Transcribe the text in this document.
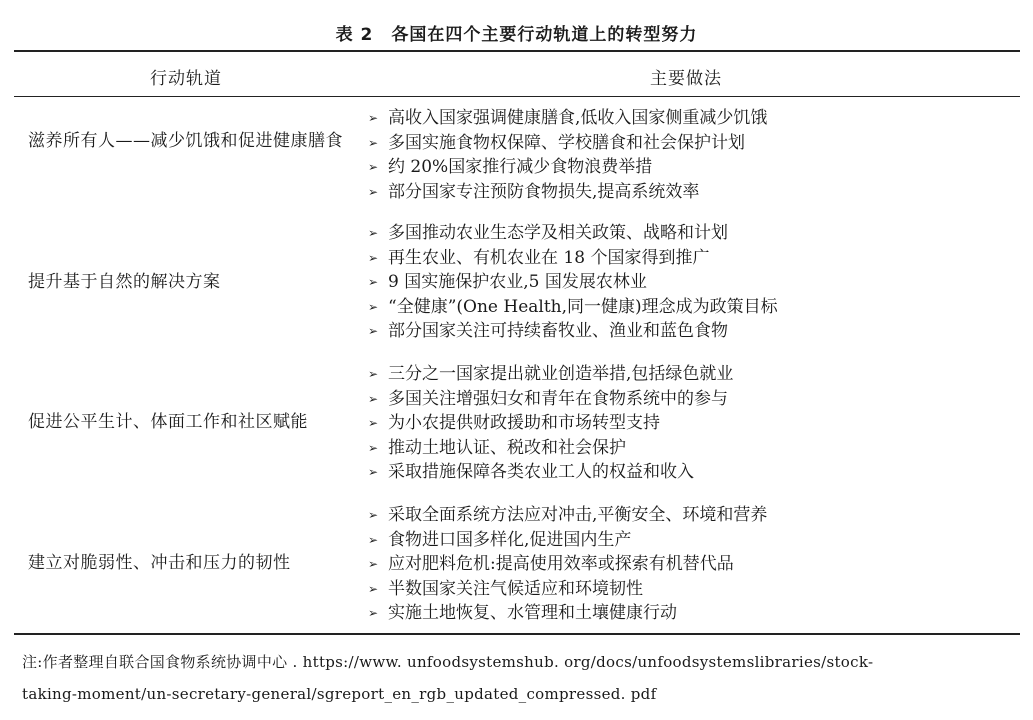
表 2 各国在四个主要行动轨道上的转型努力
行动轨道	主要做法
滋养所有人——减少饥饿和促进健康膳食
➢ 高收入国家强调健康膳食,低收入国家侧重减少饥饿
➢ 多国实施食物权保障、学校膳食和社会保护计划
➢ 约 20%国家推行减少食物浪费举措
➢ 部分国家专注预防食物损失,提高系统效率
提升基于自然的解决方案
➢ 多国推动农业生态学及相关政策、战略和计划
➢ 再生农业、有机农业在 18 个国家得到推广
➢ 9 国实施保护农业,5 国发展农林业
➢ “全健康”(One Health,同一健康)理念成为政策目标
➢ 部分国家关注可持续畜牧业、渔业和蓝色食物
促进公平生计、体面工作和社区赋能
➢ 三分之一国家提出就业创造举措,包括绿色就业
➢ 多国关注增强妇女和青年在食物系统中的参与
➢ 为小农提供财政援助和市场转型支持
➢ 推动土地认证、税改和社会保护
➢ 采取措施保障各类农业工人的权益和收入
建立对脆弱性、冲击和压力的韧性
➢ 采取全面系统方法应对冲击,平衡安全、环境和营养
➢ 食物进口国多样化,促进国内生产
➢ 应对肥料危机:提高使用效率或探索有机替代品
➢ 半数国家关注气候适应和环境韧性
➢ 实施土地恢复、水管理和土壤健康行动
注:作者整理自联合国食物系统协调中心 . https://www. unfoodsystemshub. org/docs/unfoodsystemslibraries/stock-
taking-moment/un-secretary-general/sgreport_en_rgb_updated_compressed. pdf
